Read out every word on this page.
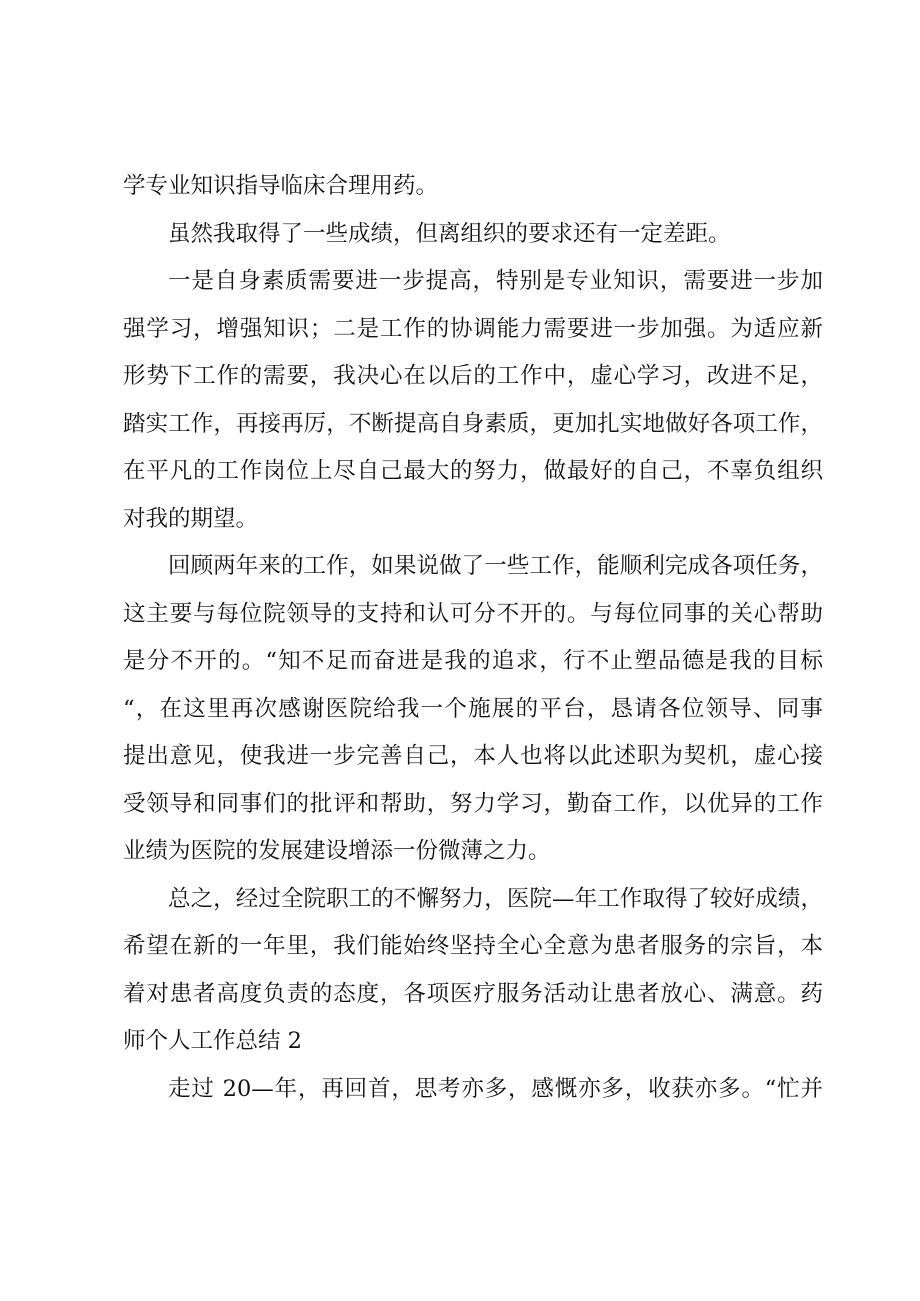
学专业知识指导临床合理用药。
虽然我取得了一些成绩，但离组织的要求还有一定差距。
一是自身素质需要进一步提高，特别是专业知识，需要进一步加
强学习，增强知识；二是工作的协调能力需要进一步加强。为适应新
形势下工作的需要，我决心在以后的工作中，虚心学习，改进不足，
踏实工作，再接再厉，不断提高自身素质，更加扎实地做好各项工作，
在平凡的工作岗位上尽自己最大的努力，做最好的自己，不辜负组织
对我的期望。
回顾两年来的工作，如果说做了一些工作，能顺利完成各项任务，
这主要与每位院领导的支持和认可分不开的。与每位同事的关心帮助
是分不开的。“知不足而奋进是我的追求，行不止塑品德是我的目标
“，在这里再次感谢医院给我一个施展的平台，恳请各位领导、同事
提出意见，使我进一步完善自己，本人也将以此述职为契机，虚心接
受领导和同事们的批评和帮助，努力学习，勤奋工作，以优异的工作
业绩为医院的发展建设增添一份微薄之力。
总之，经过全院职工的不懈努力，医院—年工作取得了较好成绩，
希望在新的一年里，我们能始终坚持全心全意为患者服务的宗旨，本
着对患者高度负责的态度，各项医疗服务活动让患者放心、满意。药
师个人工作总结 2
走过 20—年，再回首，思考亦多，感慨亦多，收获亦多。“忙并
